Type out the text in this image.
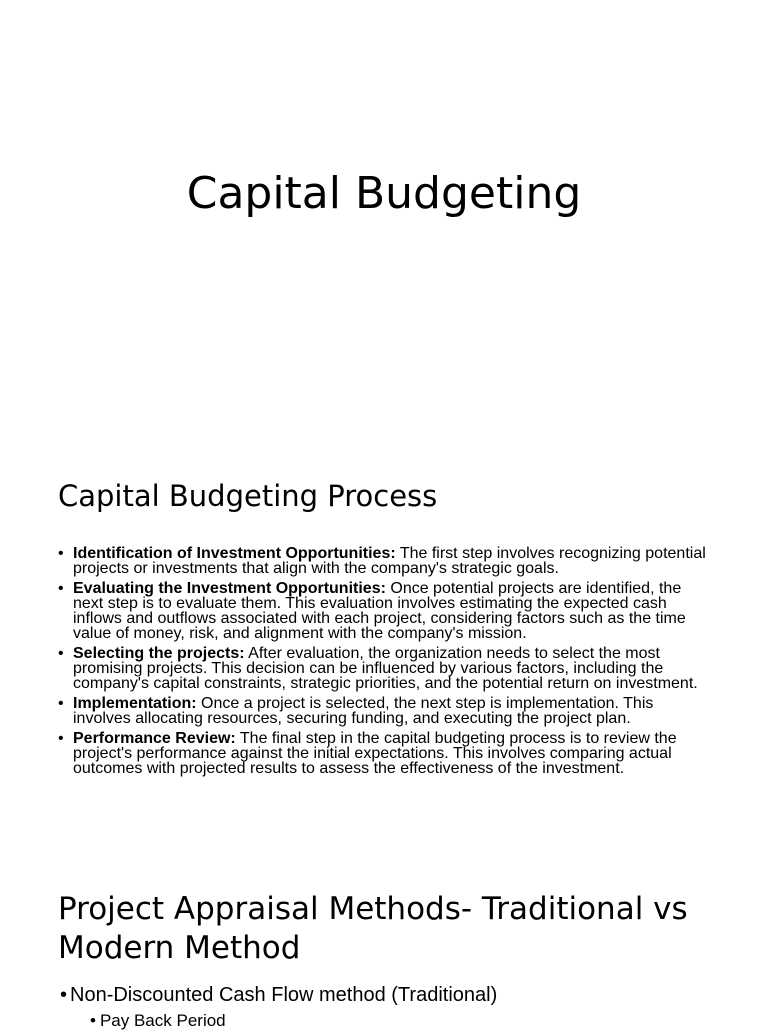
Capital Budgeting
Capital Budgeting Process
• Identification of Investment Opportunities: The first step involves recognizing potential projects or investments that align with the company's strategic goals.
• Evaluating the Investment Opportunities: Once potential projects are identified, the next step is to evaluate them. This evaluation involves estimating the expected cash inflows and outflows associated with each project, considering factors such as the time value of money, risk, and alignment with the company's mission.
• Selecting the projects: After evaluation, the organization needs to select the most promising projects. This decision can be influenced by various factors, including the company's capital constraints, strategic priorities, and the potential return on investment.
• Implementation: Once a project is selected, the next step is implementation. This involves allocating resources, securing funding, and executing the project plan.
• Performance Review: The final step in the capital budgeting process is to review the project's performance against the initial expectations. This involves comparing actual outcomes with projected results to assess the effectiveness of the investment.
Project Appraisal Methods- Traditional vs Modern Method
• Non-Discounted Cash Flow method (Traditional)
• Pay Back Period
